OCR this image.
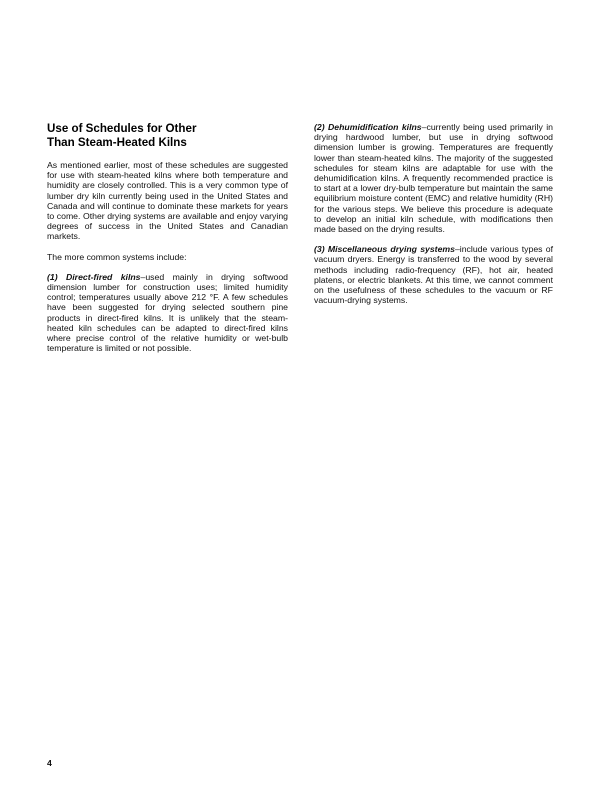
Use of Schedules for Other
Than Steam-Heated Kilns

As mentioned earlier, most of these schedules are suggested for use with steam-heated kilns where both temperature and humidity are closely controlled. This is a very common type of lumber dry kiln currently being used in the United States and Canada and will continue to dominate these markets for years to come. Other drying systems are available and enjoy varying degrees of success in the United States and Canadian markets.

The more common systems include:

(1) Direct-fired kilns–used mainly in drying softwood dimension lumber for construction uses; limited humidity control; temperatures usually above 212 °F. A few schedules have been suggested for drying selected southern pine products in direct-fired kilns. It is unlikely that the steam-heated kiln schedules can be adapted to direct-fired kilns where precise control of the relative humidity or wet-bulb temperature is limited or not possible.

(2) Dehumidification kilns–currently being used primarily in drying hardwood lumber, but use in drying softwood dimension lumber is growing. Temperatures are frequently lower than steam-heated kilns. The majority of the suggested schedules for steam kilns are adaptable for use with the dehumidification kilns. A frequently recommended practice is to start at a lower dry-bulb temperature but maintain the same equilibrium moisture content (EMC) and relative humidity (RH) for the various steps. We believe this procedure is adequate to develop an initial kiln schedule, with modifications then made based on the drying results.

(3) Miscellaneous drying systems–include various types of vacuum dryers. Energy is transferred to the wood by several methods including radio-frequency (RF), hot air, heated platens, or electric blankets. At this time, we cannot comment on the usefulness of these schedules to the vacuum or RF vacuum-drying systems.

4
